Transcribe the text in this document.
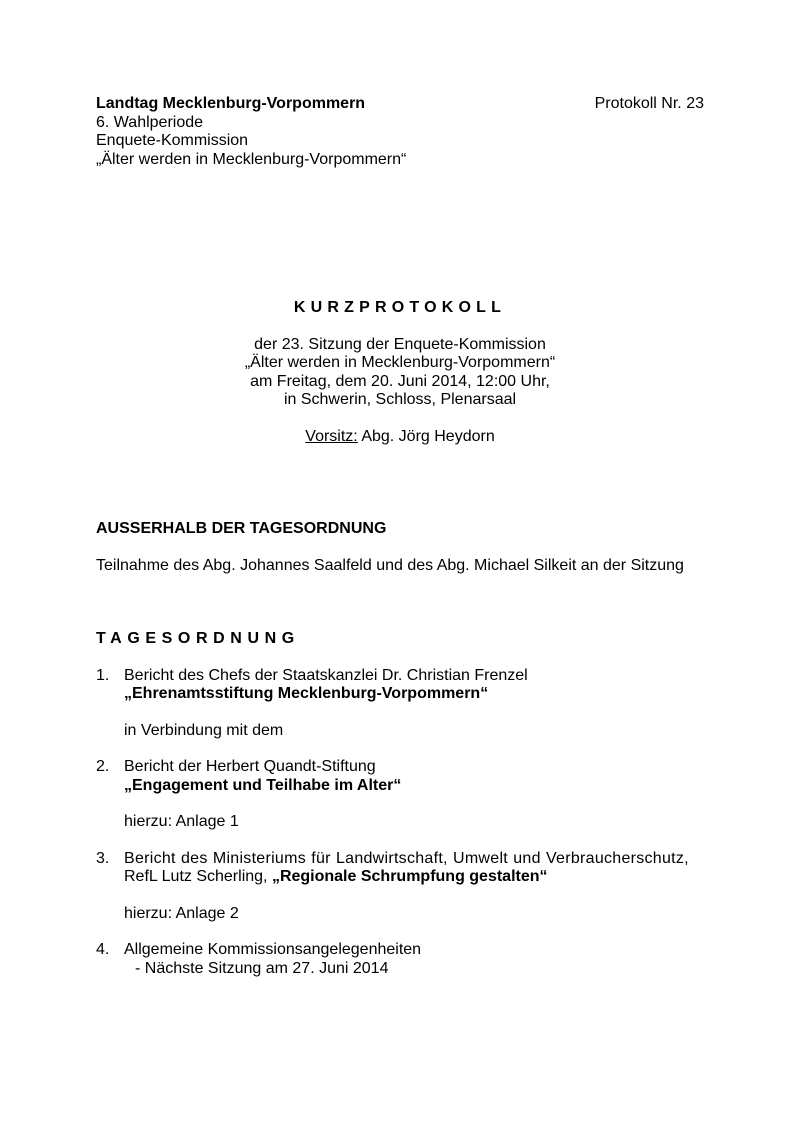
Landtag Mecklenburg-Vorpommern	Protokoll Nr. 23
6. Wahlperiode
Enquete-Kommission
„Älter werden in Mecklenburg-Vorpommern“
KURZPROTOKOLL
der 23. Sitzung der Enquete-Kommission
„Älter werden in Mecklenburg-Vorpommern“
am Freitag, dem 20. Juni 2014, 12:00 Uhr,
in Schwerin, Schloss, Plenarsaal
Vorsitz: Abg. Jörg Heydorn
AUSSERHALB DER TAGESORDNUNG
Teilnahme des Abg. Johannes Saalfeld und des Abg. Michael Silkeit an der Sitzung
TAGESORDNUNG
1. Bericht des Chefs der Staatskanzlei Dr. Christian Frenzel
„Ehrenamtsstiftung Mecklenburg-Vorpommern“
in Verbindung mit dem
2. Bericht der Herbert Quandt-Stiftung
„Engagement und Teilhabe im Alter“
hierzu: Anlage 1
3. Bericht des Ministeriums für Landwirtschaft, Umwelt und Verbraucherschutz,
RefL Lutz Scherling, „Regionale Schrumpfung gestalten“
hierzu: Anlage 2
4. Allgemeine Kommissionsangelegenheiten
- Nächste Sitzung am 27. Juni 2014
